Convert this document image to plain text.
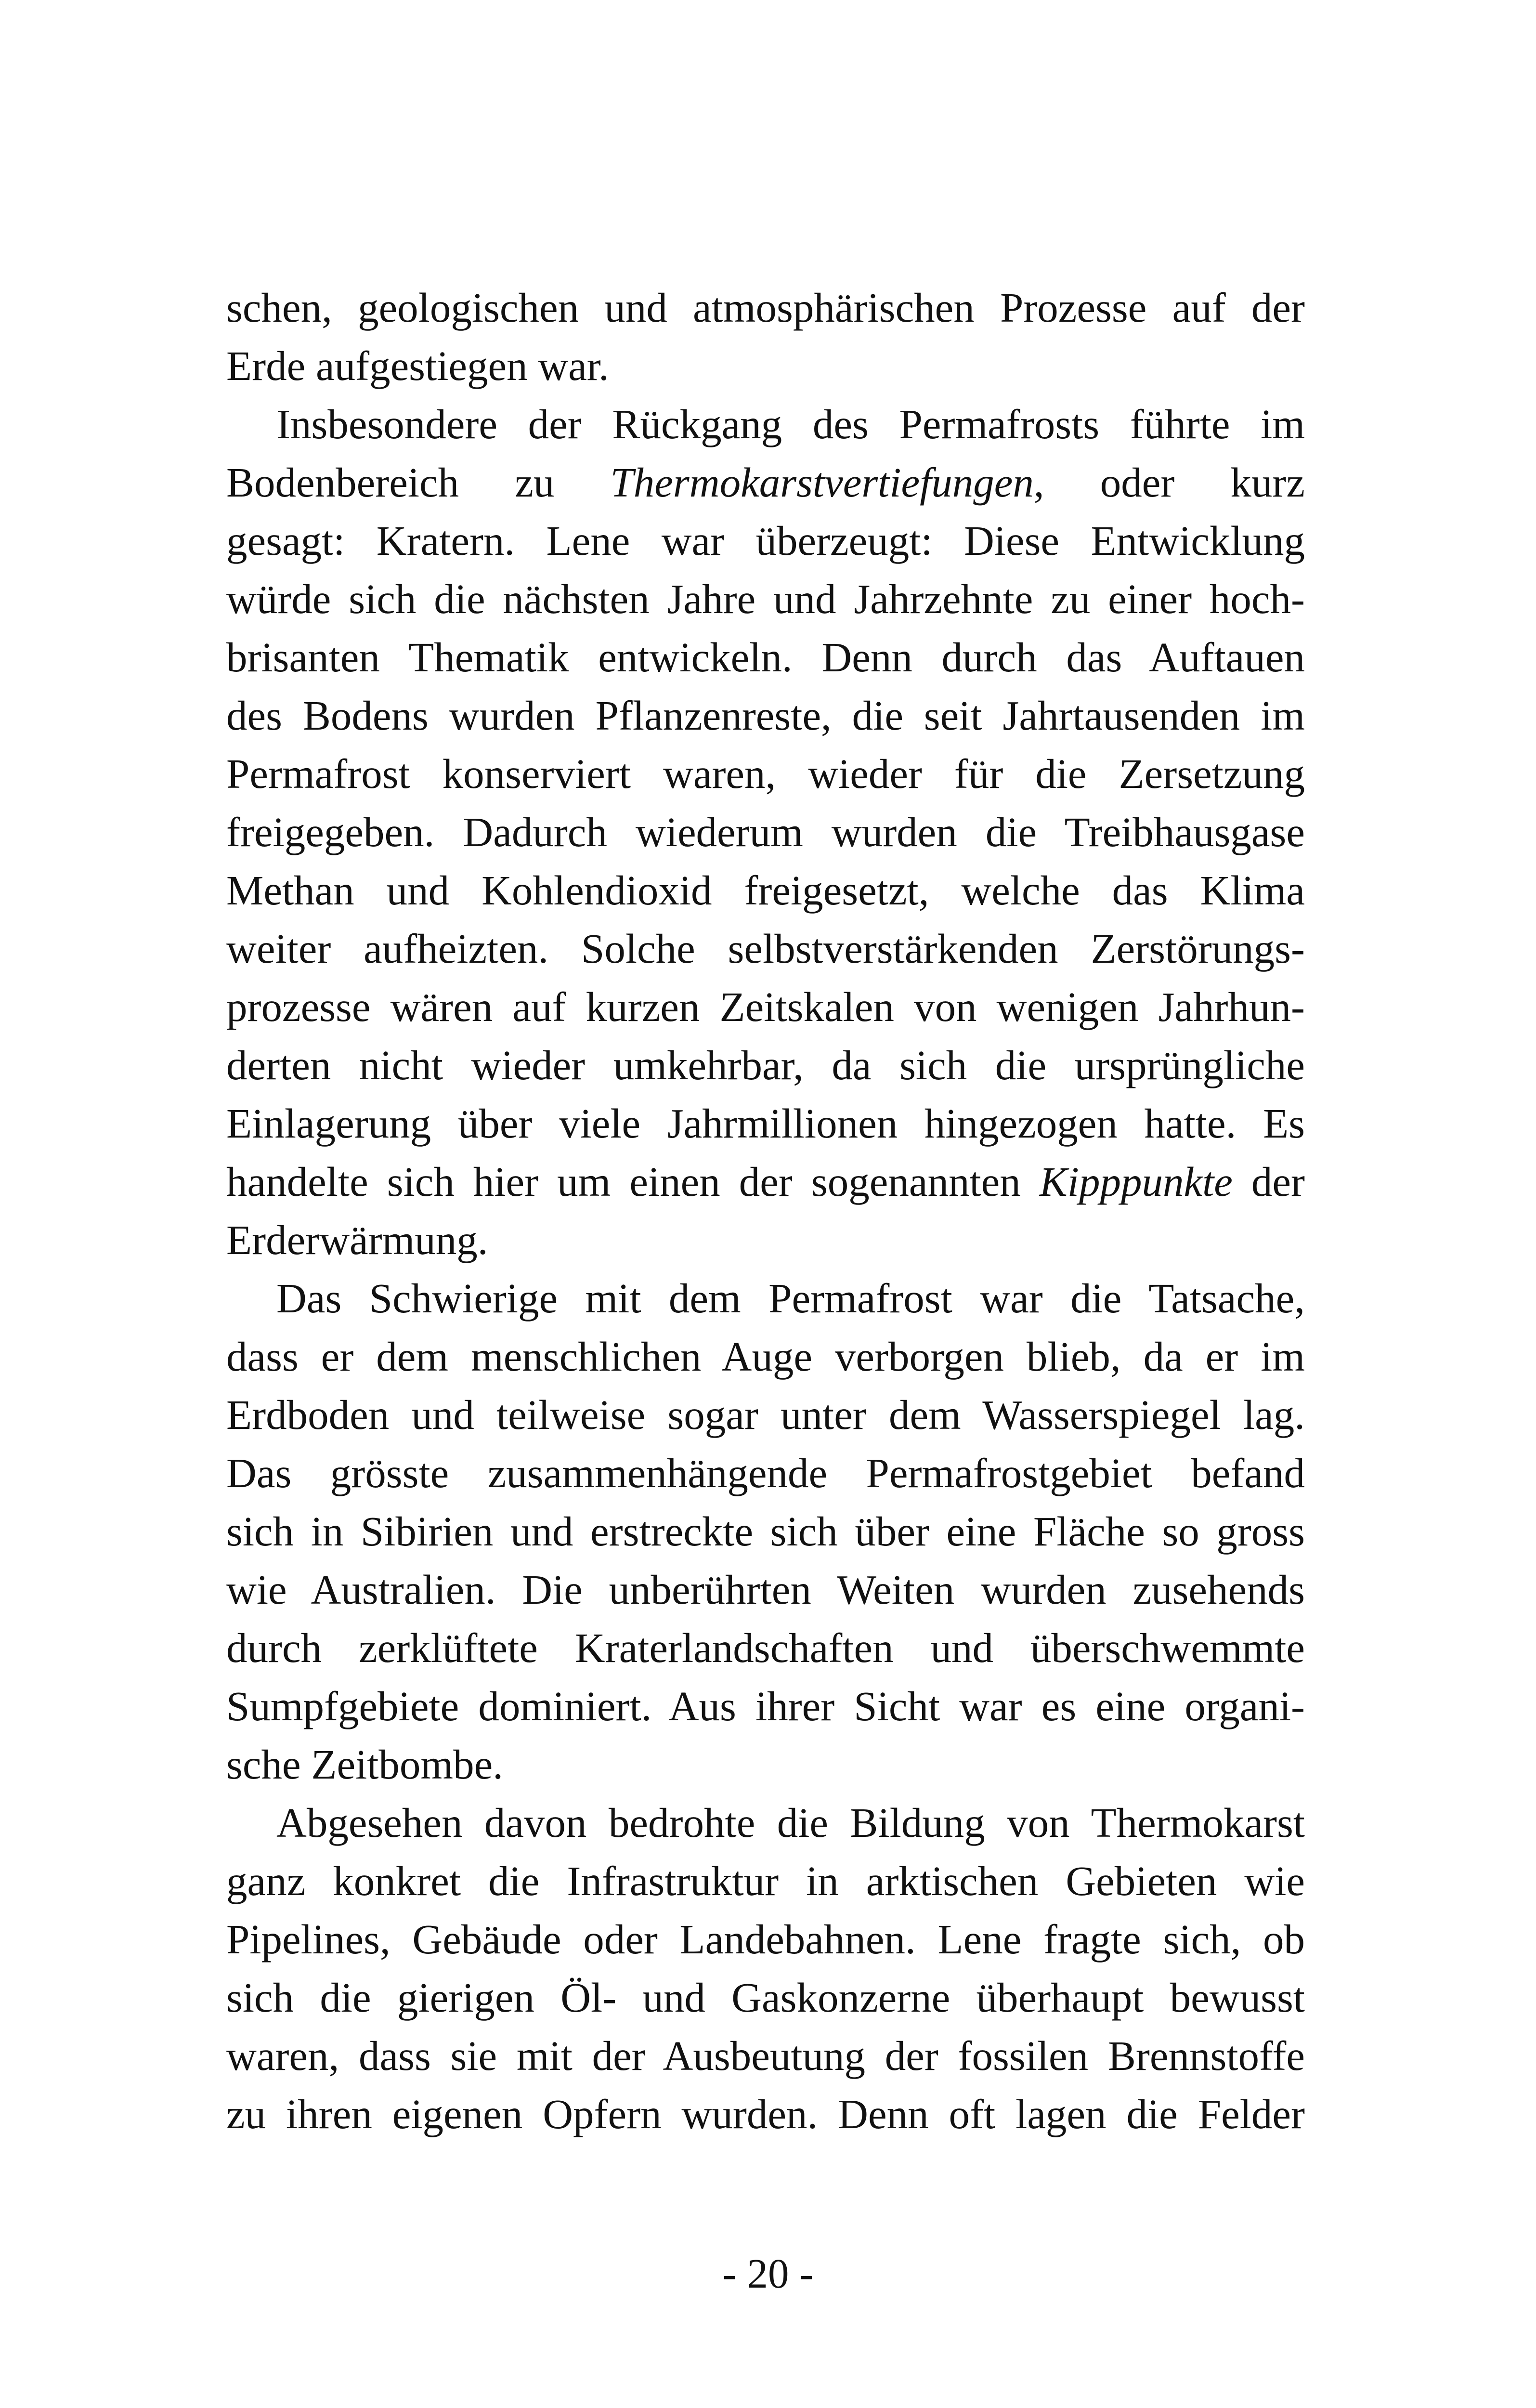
schen, geologischen und atmosphärischen Prozesse auf der
Erde aufgestiegen war.

Insbesondere der Rückgang des Permafrosts führte im
Bodenbereich zu Thermokarstvertiefungen, oder kurz
gesagt: Kratern. Lene war überzeugt: Diese Entwicklung
würde sich die nächsten Jahre und Jahrzehnte zu einer hoch-
brisanten Thematik entwickeln. Denn durch das Auftauen
des Bodens wurden Pflanzenreste, die seit Jahrtausenden im
Permafrost konserviert waren, wieder für die Zersetzung
freigegeben. Dadurch wiederum wurden die Treibhausgase
Methan und Kohlendioxid freigesetzt, welche das Klima
weiter aufheizten. Solche selbstverstärkenden Zerstörungs-
prozesse wären auf kurzen Zeitskalen von wenigen Jahrhun-
derten nicht wieder umkehrbar, da sich die ursprüngliche
Einlagerung über viele Jahrmillionen hingezogen hatte. Es
handelte sich hier um einen der sogenannten Kipppunkte der
Erderwärmung.

Das Schwierige mit dem Permafrost war die Tatsache,
dass er dem menschlichen Auge verborgen blieb, da er im
Erdboden und teilweise sogar unter dem Wasserspiegel lag.
Das grösste zusammenhängende Permafrostgebiet befand
sich in Sibirien und erstreckte sich über eine Fläche so gross
wie Australien. Die unberührten Weiten wurden zusehends
durch zerklüftete Kraterlandschaften und überschwemmte
Sumpfgebiete dominiert. Aus ihrer Sicht war es eine organi-
sche Zeitbombe.

Abgesehen davon bedrohte die Bildung von Thermokarst
ganz konkret die Infrastruktur in arktischen Gebieten wie
Pipelines, Gebäude oder Landebahnen. Lene fragte sich, ob
sich die gierigen Öl- und Gaskonzerne überhaupt bewusst
waren, dass sie mit der Ausbeutung der fossilen Brennstoffe
zu ihren eigenen Opfern wurden. Denn oft lagen die Felder

- 20 -
